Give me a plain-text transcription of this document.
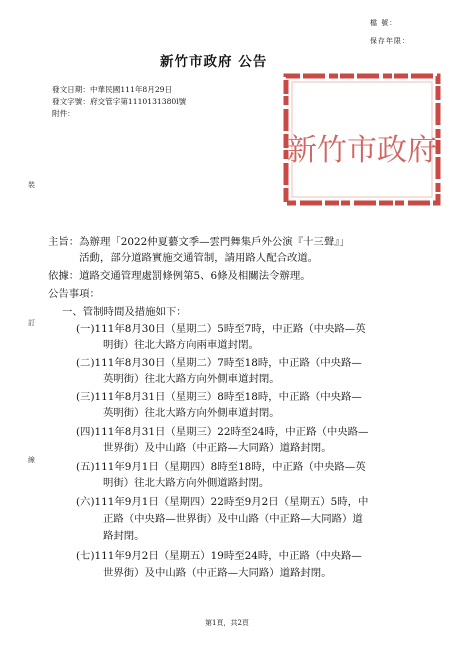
檔 號：
保存年限：
新竹市政府 公告
發文日期：中華民國111年8月29日
發文字號：府交管字第1110131380l號
附件：
新竹市政府
裝
訂
線
主旨：為辦理「2022仲夏藝文季—雲門舞集戶外公演『十三聲』」
　　　活動，部分道路實施交通管制，請用路人配合改道。
依據：道路交通管理處罰條例第5、6條及相關法令辦理。
公告事項：
一、管制時間及措施如下：
(一)111年8月30日（星期二）5時至7時，中正路（中央路—英
明街）往北大路方向兩車道封閉。
(二)111年8月30日（星期二）7時至18時，中正路（中央路—
英明街）往北大路方向外側車道封閉。
(三)111年8月31日（星期三）8時至18時，中正路（中央路—
英明街）往北大路方向外側車道封閉。
(四)111年8月31日（星期三）22時至24時，中正路（中央路—
世界街）及中山路（中正路—大同路）道路封閉。
(五)111年9月1日（星期四）8時至18時，中正路（中央路—英
明街）往北大路方向外側道路封閉。
(六)111年9月1日（星期四）22時至9月2日（星期五）5時，中
正路（中央路—世界街）及中山路（中正路—大同路）道
路封閉。
(七)111年9月2日（星期五）19時至24時，中正路（中央路—
世界街）及中山路（中正路—大同路）道路封閉。
第1頁，共2頁
